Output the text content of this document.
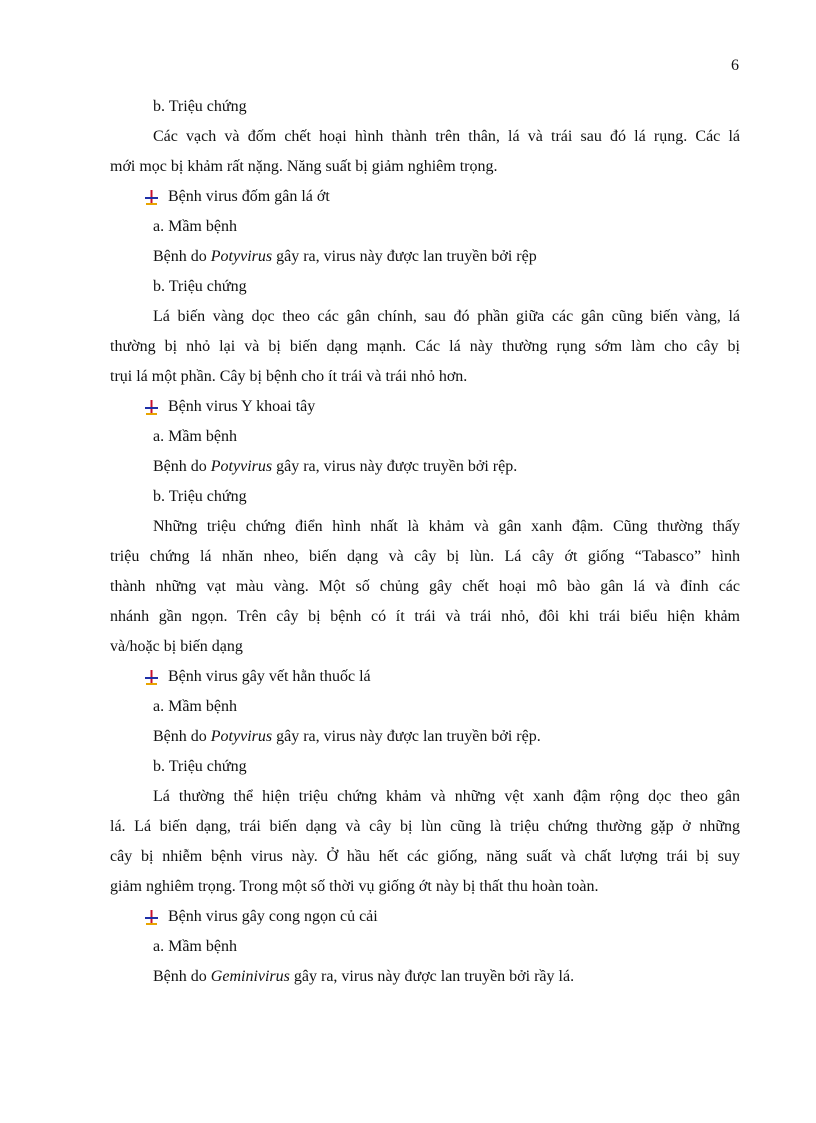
6
b. Triệu chứng
Các vạch và đốm chết hoại hình thành trên thân, lá và trái sau đó lá rụng. Các lá
mới mọc bị khảm rất nặng. Năng suất bị giảm nghiêm trọng.
Bệnh virus đốm gân lá ớt
a. Mầm bệnh
Bệnh do Potyvirus gây ra, virus này được lan truyền bởi rệp
b. Triệu chứng
Lá biến vàng dọc theo các gân chính, sau đó phần giữa các gân cũng biến vàng, lá
thường bị nhỏ lại và bị biến dạng mạnh. Các lá này thường rụng sớm làm cho cây bị
trụi lá một phần. Cây bị bệnh cho ít trái và trái nhỏ hơn.
Bệnh virus Y khoai tây
a. Mầm bệnh
Bệnh do Potyvirus gây ra, virus này được truyền bởi rệp.
b. Triệu chứng
Những triệu chứng điển hình nhất là khảm và gân xanh đậm. Cũng thường thấy
triệu chứng lá nhăn nheo, biến dạng và cây bị lùn. Lá cây ớt giống “Tabasco” hình
thành những vạt màu vàng. Một số chủng gây chết hoại mô bào gân lá và đỉnh các
nhánh gần ngọn. Trên cây bị bệnh có ít trái và trái nhỏ, đôi khi trái biểu hiện khảm
và/hoặc bị biến dạng
Bệnh virus gây vết hằn thuốc lá
a. Mầm bệnh
Bệnh do Potyvirus gây ra, virus này được lan truyền bởi rệp.
b. Triệu chứng
Lá thường thể hiện triệu chứng khảm và những vệt xanh đậm rộng dọc theo gân
lá. Lá biến dạng, trái biến dạng và cây bị lùn cũng là triệu chứng thường gặp ở những
cây bị nhiễm bệnh virus này. Ở hầu hết các giống, năng suất và chất lượng trái bị suy
giảm nghiêm trọng. Trong một số thời vụ giống ớt này bị thất thu hoàn toàn.
Bệnh virus gây cong ngọn củ cải
a. Mầm bệnh
Bệnh do Geminivirus gây ra, virus này được lan truyền bởi rầy lá.
